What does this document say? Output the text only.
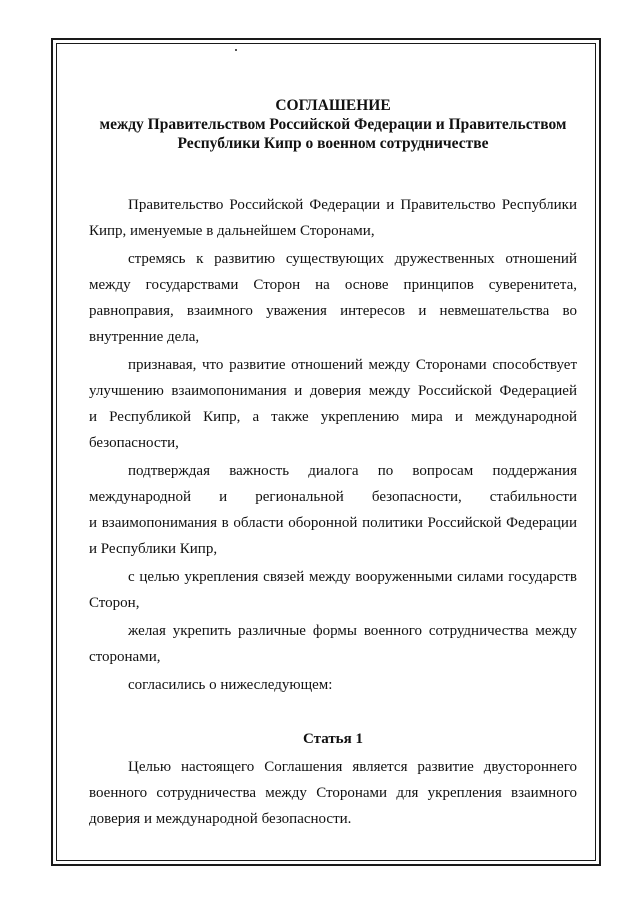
СОГЛАШЕНИЕ
между Правительством Российской Федерации и Правительством
Республики Кипр о военном сотрудничестве

Правительство Российской Федерации и Правительство Республики
Кипр, именуемые в дальнейшем Сторонами,

стремясь к развитию существующих дружественных отношений
между государствами Сторон на основе принципов суверенитета,
равноправия, взаимного уважения интересов и невмешательства во
внутренние дела,

признавая, что развитие отношений между Сторонами способствует
улучшению взаимопонимания и доверия между Российской Федерацией
и Республикой Кипр, а также укреплению мира и международной
безопасности,

подтверждая важность диалога по вопросам поддержания
международной и региональной безопасности, стабильности
и взаимопонимания в области оборонной политики Российской Федерации
и Республики Кипр,

с целью укрепления связей между вооруженными силами государств
Сторон,

желая укрепить различные формы военного сотрудничества между
сторонами,

согласились о нижеследующем:

Статья 1

Целью настоящего Соглашения является развитие двустороннего
военного сотрудничества между Сторонами для укрепления взаимного
доверия и международной безопасности.
